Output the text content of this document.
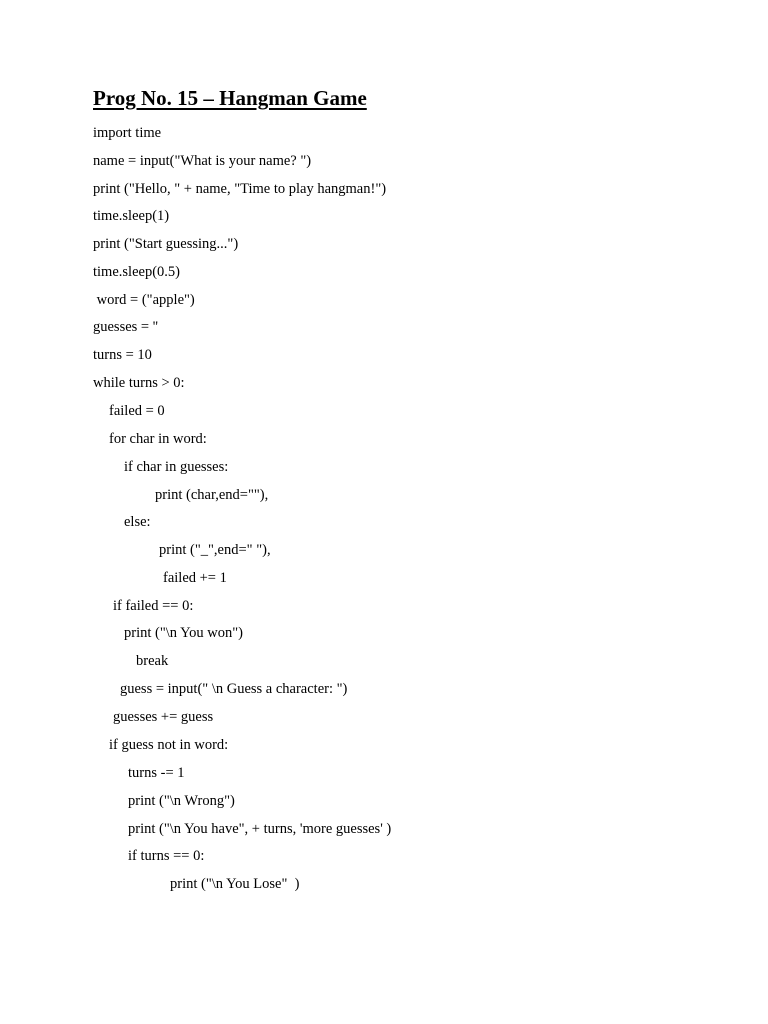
Prog No. 15 – Hangman Game
import time
name = input("What is your name? ")
print ("Hello, " + name, "Time to play hangman!")
time.sleep(1)
print ("Start guessing...")
time.sleep(0.5)
word = ("apple")
guesses = ''
turns = 10
while turns > 0:
failed = 0
for char in word:
if char in guesses:
print (char,end=""),
else:
print ("_",end=" "),
failed += 1
if failed == 0:
print ("\n You won")
break
guess = input(" \n Guess a character: ")
guesses += guess
if guess not in word:
turns -= 1
print ("\n Wrong")
print ("\n You have", + turns, 'more guesses' )
if turns == 0:
print ("\n You Lose"  )
